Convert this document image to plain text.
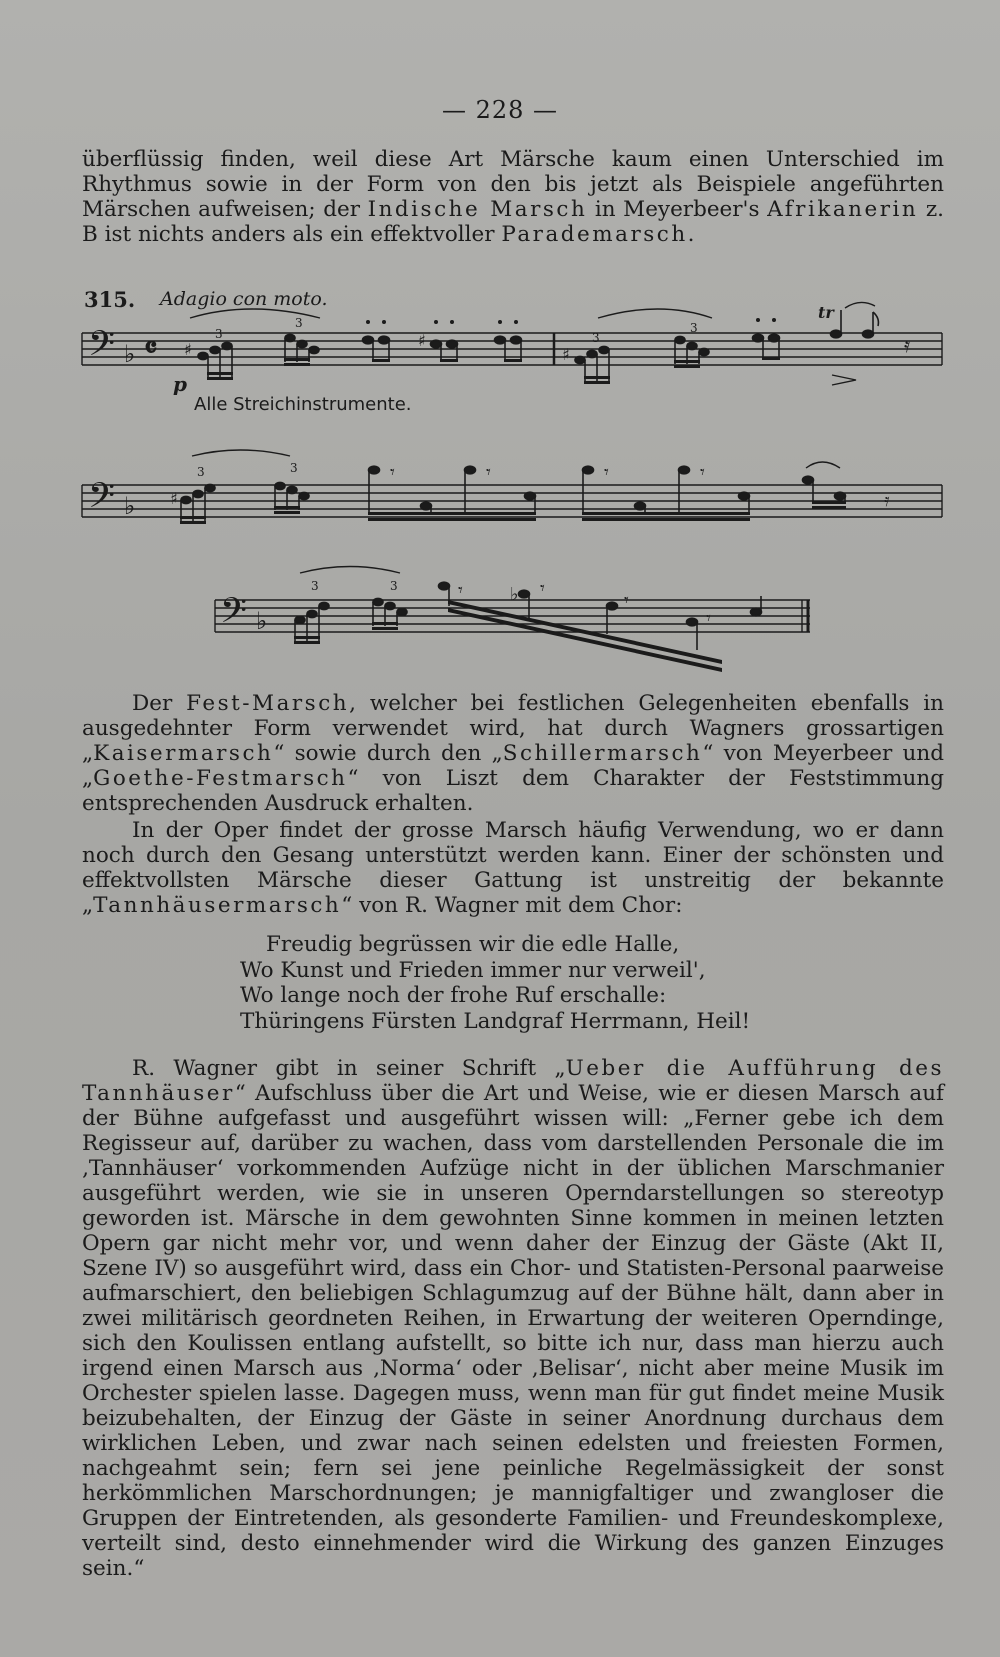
— 228 —

überflüssig finden, weil diese Art Märsche kaum einen Unterschied im Rhythmus sowie in der Form von den bis jetzt als Beispiele angeführten Märschen aufweisen; der Indische Marsch in Meyerbeer's Afrikanerin z. B ist nichts anders als ein effektvoller Parademarsch.

315. Adagio con moto.
p
Alle Streichinstrumente.
𝄢 ♭ 𝄴
𝄢 ♭
𝄢 ♭
♯
3
3
♯
♯
3
3
tr
𝄿
♯
3	3	𝄾	𝄾	𝄾	𝄾
𝄿
3	3	𝄾	♭ 𝄾
𝄾
𝄾

Der Fest-Marsch, welcher bei festlichen Gelegenheiten ebenfalls in ausgedehnter Form verwendet wird, hat durch Wagners grossartigen „Kaisermarsch“ sowie durch den „Schillermarsch“ von Meyerbeer und „Goethe-Festmarsch“ von Liszt dem Charakter der Feststimmung entsprechenden Ausdruck erhalten.

In der Oper findet der grosse Marsch häufig Verwendung, wo er dann noch durch den Gesang unterstützt werden kann. Einer der schönsten und effektvollsten Märsche dieser Gattung ist unstreitig der bekannte „Tannhäusermarsch“ von R. Wagner mit dem Chor:

Freudig begrüssen wir die edle Halle,
Wo Kunst und Frieden immer nur verweil',
Wo lange noch der frohe Ruf erschalle:
Thüringens Fürsten Landgraf Herrmann, Heil!

R. Wagner gibt in seiner Schrift „Ueber die Aufführung des Tannhäuser“ Aufschluss über die Art und Weise, wie er diesen Marsch auf der Bühne aufgefasst und ausgeführt wissen will: „Ferner gebe ich dem Regisseur auf, darüber zu wachen, dass vom darstellenden Personale die im ‚Tannhäuser‘ vorkommenden Aufzüge nicht in der üblichen Marschmanier ausgeführt werden, wie sie in unseren Operndarstellungen so stereotyp geworden ist. Märsche in dem gewohnten Sinne kommen in meinen letzten Opern gar nicht mehr vor, und wenn daher der Einzug der Gäste (Akt II, Szene IV) so ausgeführt wird, dass ein Chor- und Statisten-Personal paarweise aufmarschiert, den beliebigen Schlagumzug auf der Bühne hält, dann aber in zwei militärisch geordneten Reihen, in Erwartung der weiteren Operndinge, sich den Koulissen entlang aufstellt, so bitte ich nur, dass man hierzu auch irgend einen Marsch aus ‚Norma‘ oder ‚Belisar‘, nicht aber meine Musik im Orchester spielen lasse. Dagegen muss, wenn man für gut findet meine Musik beizubehalten, der Einzug der Gäste in seiner Anordnung durchaus dem wirklichen Leben, und zwar nach seinen edelsten und freiesten Formen, nachgeahmt sein; fern sei jene peinliche Regelmässigkeit der sonst herkömmlichen Marschordnungen; je mannigfaltiger und zwangloser die Gruppen der Eintretenden, als gesonderte Familien- und Freundeskomplexe, verteilt sind, desto einnehmender wird die Wirkung des ganzen Einzuges sein.“
